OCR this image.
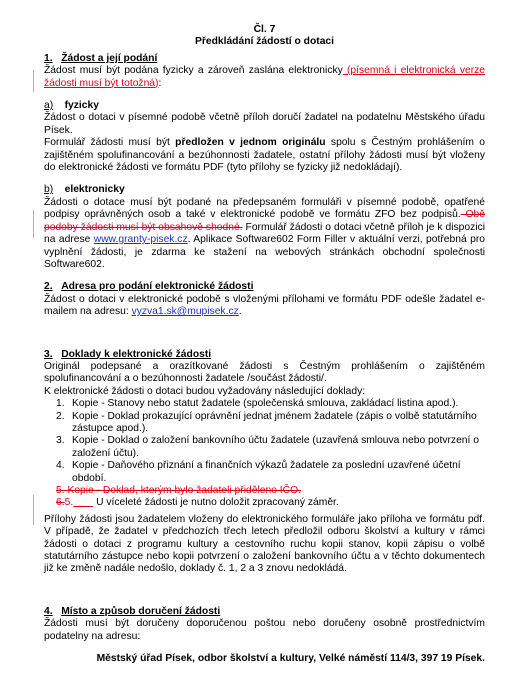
Čl. 7
Předkládání žádostí o dotaci
1. Žádost a její podání
Žádost musí být podána fyzicky a zároveň zaslána elektronicky (písemná i elektronická verze žádosti musí být totožná):
a) fyzicky
Žádost o dotaci v písemné podobě včetně příloh doručí žadatel na podatelnu Městského úřadu Písek.
Formulář žádosti musí být předložen v jednom originálu spolu s Čestným prohlášením o zajištěném spolufinancování a bezúhonnosti žadatele, ostatní přílohy žádosti musí být vloženy do elektronické žádosti ve formátu PDF (tyto přílohy se fyzicky již nedokládají).
b) elektronicky
Žádosti o dotace musí být podané na předepsaném formuláři v písemné podobě, opatřené podpisy oprávněných osob a také v elektronické podobě ve formátu ZFO bez podpisů. Obě podoby žádosti musí být obsahově shodné. Formulář žádosti o dotaci včetně příloh je k dispozici na adrese www.granty-pisek.cz. Aplikace Software602 Form Filler v aktuální verzi, potřebná pro vyplnění žádosti, je zdarma ke stažení na webových stránkách obchodní společnosti Software602.
2. Adresa pro podání elektronické žádosti
Žádost o dotaci v elektronické podobě s vloženými přílohami ve formátu PDF odešle žadatel e-mailem na adresu: vyzva1.sk@mupisek.cz.
3. Doklady k elektronické žádosti
Originál podepsané a orazítkované žádosti s Čestným prohlášením o zajištěném spolufinancování a o bezúhonnosti žadatele /součást žádosti/.
K elektronické žádosti o dotaci budou vyžadovány následující doklady:
1. Kopie - Stanovy nebo statut žadatele (společenská smlouva, zakládací listina apod.).
2. Kopie - Doklad prokazující oprávnění jednat jménem žadatele (zápis o volbě statutárního zástupce apod.).
3. Kopie - Doklad o založení bankovního účtu žadatele (uzavřená smlouva nebo potvrzení o založení účtu).
4. Kopie - Daňového přiznání a finančních výkazů žadatele za poslední uzavřené účetní období.
5. Kopie - Doklad, kterým bylo žadateli přiděleno IČO.
6.5. U víceleté žádosti je nutno doložit zpracovaný záměr.
Přílohy žádosti jsou žadatelem vloženy do elektronického formuláře jako příloha ve formátu pdf. V případě, že žadatel v předchozích třech letech předložil odboru školství a kultury v rámci žádosti o dotaci z programu kultury a cestovního ruchu kopii stanov, kopii zápisu o volbě statutárního zástupce nebo kopii potvrzení o založení bankovního účtu a v těchto dokumentech již ke změně nadále nedošlo, doklady č. 1, 2 a 3 znovu nedokládá.
4. Místo a způsob doručení žádosti
Žádosti musí být doručeny doporučenou poštou nebo doručeny osobně prostřednictvím podatelny na adresu:
Městský úřad Písek, odbor školství a kultury, Velké náměstí 114/3, 397 19 Písek.
